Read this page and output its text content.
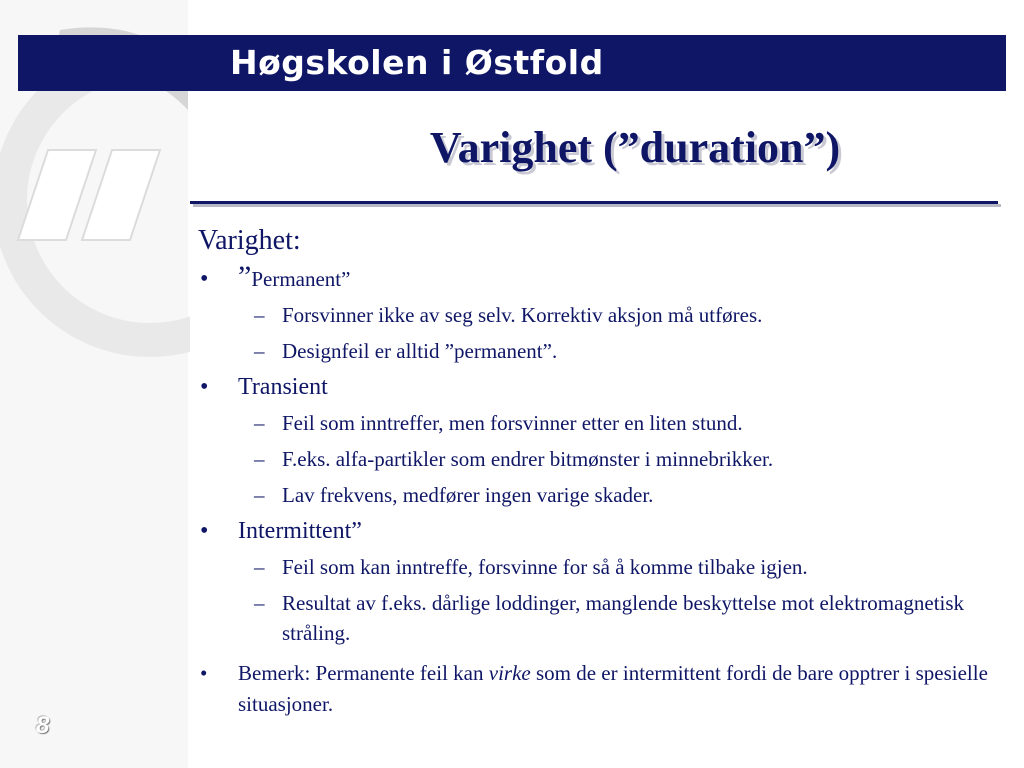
Høgskolen i Østfold
Varighet (”duration”)
Varighet:
• ”Permanent”
– Forsvinner ikke av seg selv. Korrektiv aksjon må utføres.
– Designfeil er alltid ”permanent”.
• Transient
– Feil som inntreffer, men forsvinner etter en liten stund.
– F.eks. alfa-partikler som endrer bitmønster i minnebrikker.
– Lav frekvens, medfører ingen varige skader.
• Intermittent”
– Feil som kan inntreffe, forsvinne for så å komme tilbake igjen.
– Resultat av f.eks. dårlige loddinger, manglende beskyttelse mot elektromagnetisk stråling.
• Bemerk: Permanente feil kan virke som de er intermittent fordi de bare opptrer i spesielle situasjoner.
8
